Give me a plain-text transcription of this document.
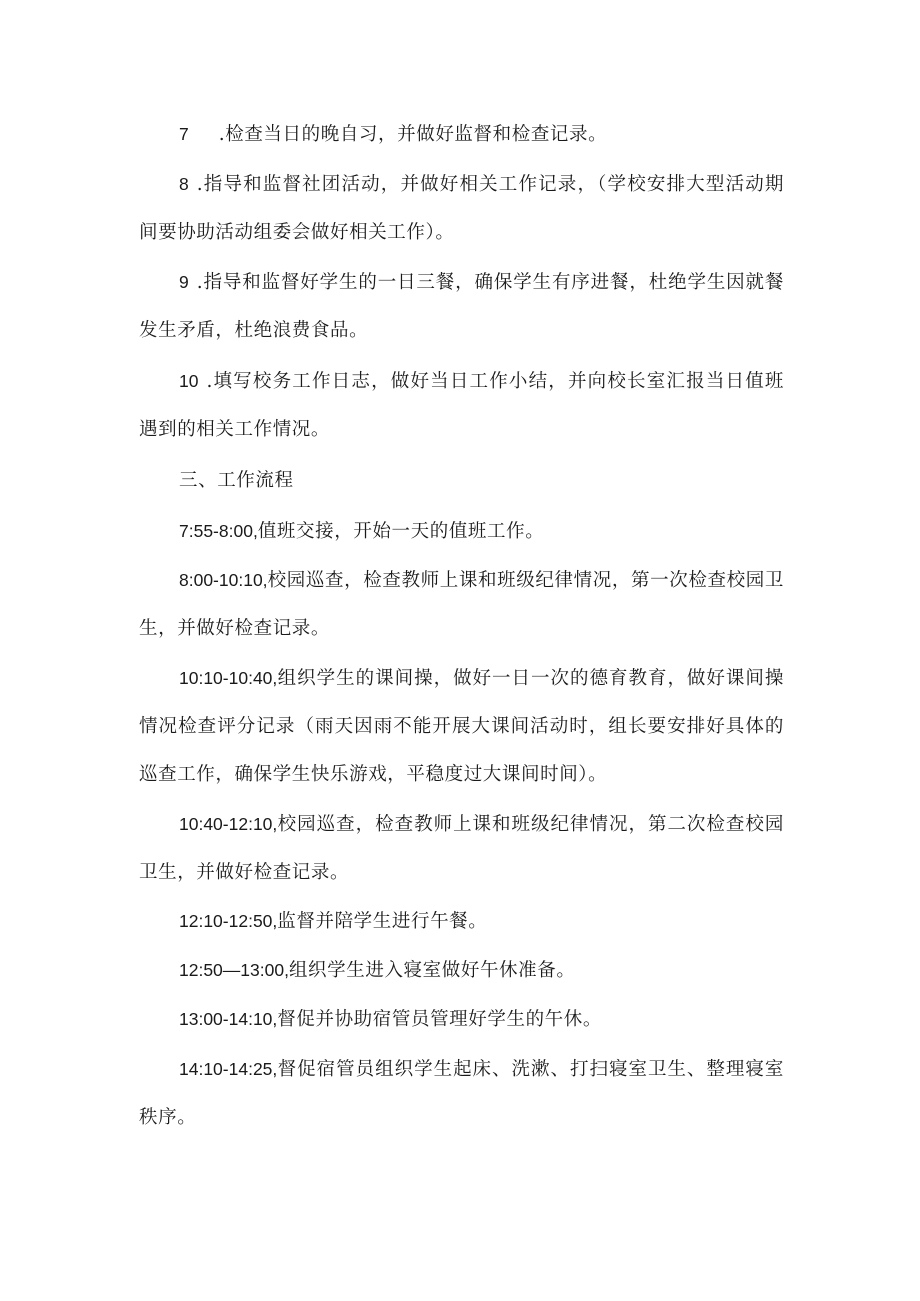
7 .检查当日的晚自习，并做好监督和检查记录。

8 .指导和监督社团活动，并做好相关工作记录，（学校安排大型活动期间要协助活动组委会做好相关工作）。

9 .指导和监督好学生的一日三餐，确保学生有序进餐，杜绝学生因就餐发生矛盾，杜绝浪费食品。

10 .填写校务工作日志，做好当日工作小结，并向校长室汇报当日值班遇到的相关工作情况。

三、工作流程

7:55-8:00,值班交接，开始一天的值班工作。

8:00-10:10,校园巡查，检查教师上课和班级纪律情况，第一次检查校园卫生，并做好检查记录。

10:10-10:40,组织学生的课间操，做好一日一次的德育教育，做好课间操情况检查评分记录（雨天因雨不能开展大课间活动时，组长要安排好具体的巡查工作，确保学生快乐游戏，平稳度过大课间时间）。

10:40-12:10,校园巡查，检查教师上课和班级纪律情况，第二次检查校园卫生，并做好检查记录。

12:10-12:50,监督并陪学生进行午餐。

12:50—13:00,组织学生进入寝室做好午休准备。

13:00-14:10,督促并协助宿管员管理好学生的午休。

14:10-14:25,督促宿管员组织学生起床、洗漱、打扫寝室卫生、整理寝室秩序。
